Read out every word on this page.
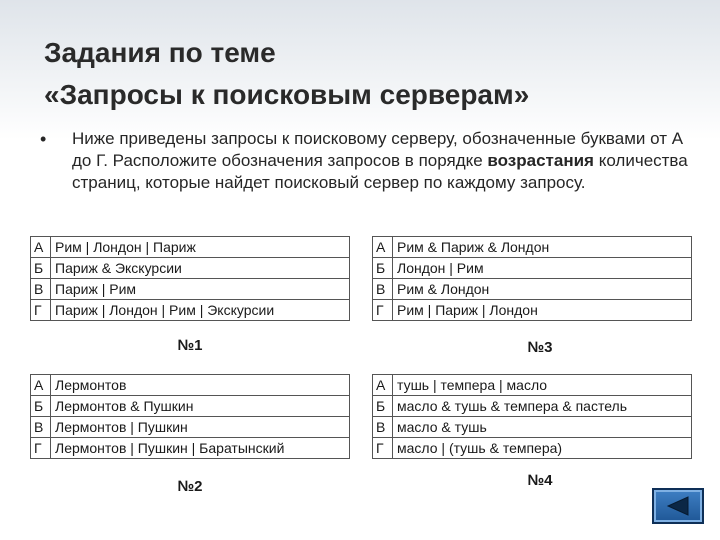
Задания по теме
«Запросы к поисковым серверам»
• Ниже приведены запросы к поисковому серверу, обозначенные буквами от А до Г. Расположите обозначения запросов в порядке возрастания количества страниц, которые найдет поисковый сервер по каждому запросу.
А	Рим | Лондон | Париж
Б	Париж & Экскурсии
В	Париж | Рим
Г	Париж | Лондон | Рим | Экскурсии
№1
А	Рим & Париж & Лондон
Б	Лондон | Рим
В	Рим & Лондон
Г	Рим | Париж | Лондон
№3
А	Лермонтов
Б	Лермонтов & Пушкин
В	Лермонтов | Пушкин
Г	Лермонтов | Пушкин | Баратынский
№2
А	тушь | темпера | масло
Б	масло & тушь & темпера & пастель
В	масло & тушь
Г	масло | (тушь & темпера)
№4
